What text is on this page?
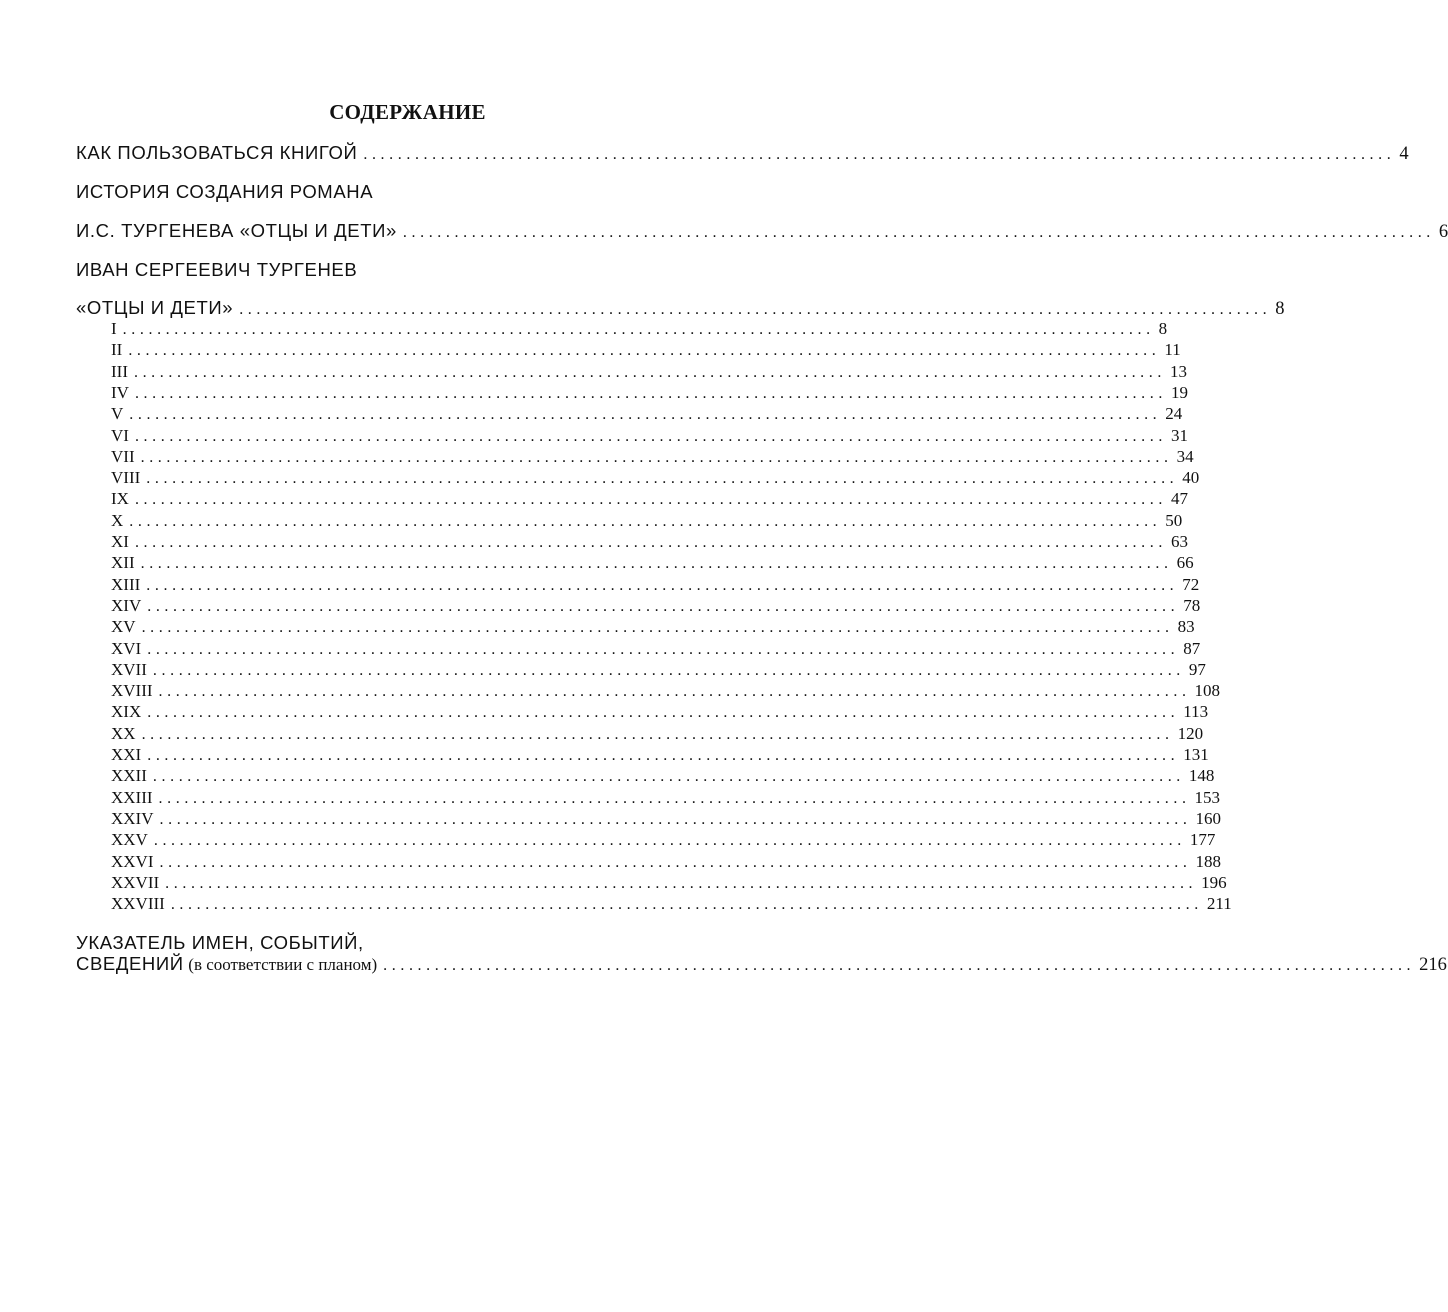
СОДЕРЖАНИЕ
КАК ПОЛЬЗОВАТЬСЯ КНИГОЙ ........................................................................................................................ 4
ИСТОРИЯ СОЗДАНИЯ РОМАНА
И.С. ТУРГЕНЕВА «ОТЦЫ И ДЕТИ» ........................................................................................................................ 6
ИВАН СЕРГЕЕВИЧ ТУРГЕНЕВ
«ОТЦЫ И ДЕТИ» ........................................................................................................................ 8
I ........................................................................................................................ 8
II ........................................................................................................................ 11
III ........................................................................................................................ 13
IV ........................................................................................................................ 19
V ........................................................................................................................ 24
VI ........................................................................................................................ 31
VII ........................................................................................................................ 34
VIII ........................................................................................................................ 40
IX ........................................................................................................................ 47
X ........................................................................................................................ 50
XI ........................................................................................................................ 63
XII ........................................................................................................................ 66
XIII ........................................................................................................................ 72
XIV ........................................................................................................................ 78
XV ........................................................................................................................ 83
XVI ........................................................................................................................ 87
XVII ........................................................................................................................ 97
XVIII ........................................................................................................................ 108
XIX ........................................................................................................................ 113
XX ........................................................................................................................ 120
XXI ........................................................................................................................ 131
XXII ........................................................................................................................ 148
XXIII ........................................................................................................................ 153
XXIV ........................................................................................................................ 160
XXV ........................................................................................................................ 177
XXVI ........................................................................................................................ 188
XXVII ........................................................................................................................ 196
XXVIII ........................................................................................................................ 211
УКАЗАТЕЛЬ ИМЕН, СОБЫТИЙ,
СВЕДЕНИЙ (в соответствии с планом) ........................................................................................................................ 216
